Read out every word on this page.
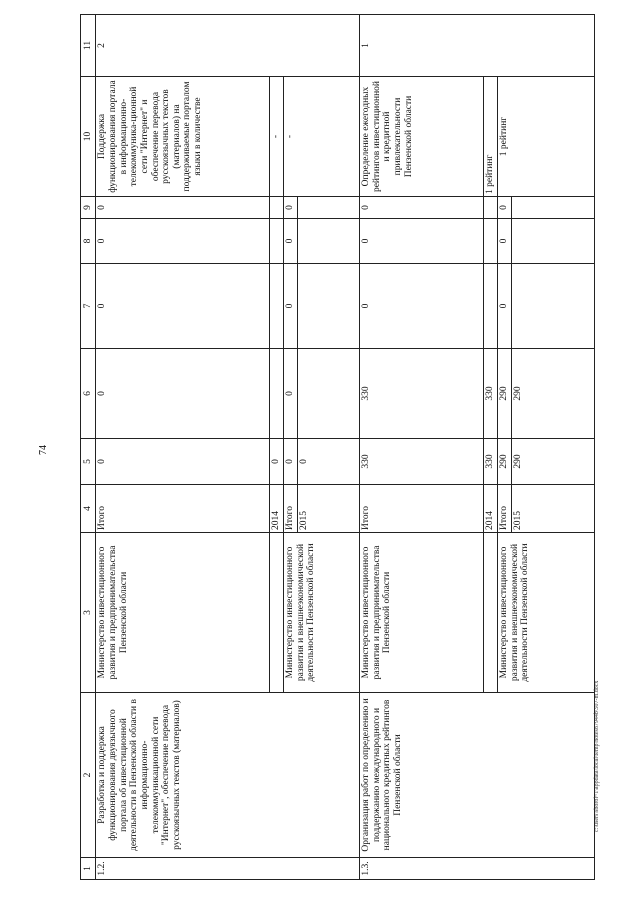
74
1	2	3	4	5	6	7	8	9	10	11
1.2.	Разработка и поддержка функционирования двуязычного портала об инвестиционной деятельности в Пензенской области в информационно-телекоммуникационной сети "Интернет", обеспечение перевода русскоязычных текстов (материалов)	Министерство инвестиционного развития и предпринимательства Пензенской области	Итого	0	0	0	0	0	Поддержка функционирования портала в информационно-телекоммуника-ционной сети "Интернет" и обеспечение перевода русскоязычных текстов (материалов) на поддерживаемые порталом языки в количестве	2
			2014	0					-	
		Министерство инвестиционного развития и внешнеэкономической деятельности Пензенской области	Итого	0	0	0	0	0	-	
			2015	0						
1.3.	Организация работ по определению и поддержанию международного и национального кредитных рейтингов Пензенской области	Министерство инвестиционного развития и предпринимательства Пензенской области	Итого	330	330	0	0	0	Определение ежегодных рейтингов инвестиционной и кредитной привлекательности Пензенской области	1
			2014	330	330				1 рейтинг	
		Министерство инвестиционного развития и внешнеэкономической деятельности Пензенской области	Итого	290	290	0	0	0	1 рейтинг	
			2015	290	290					
c:\users\sborol~1\appdata\local\temp\notes87944b\507-m.docx
